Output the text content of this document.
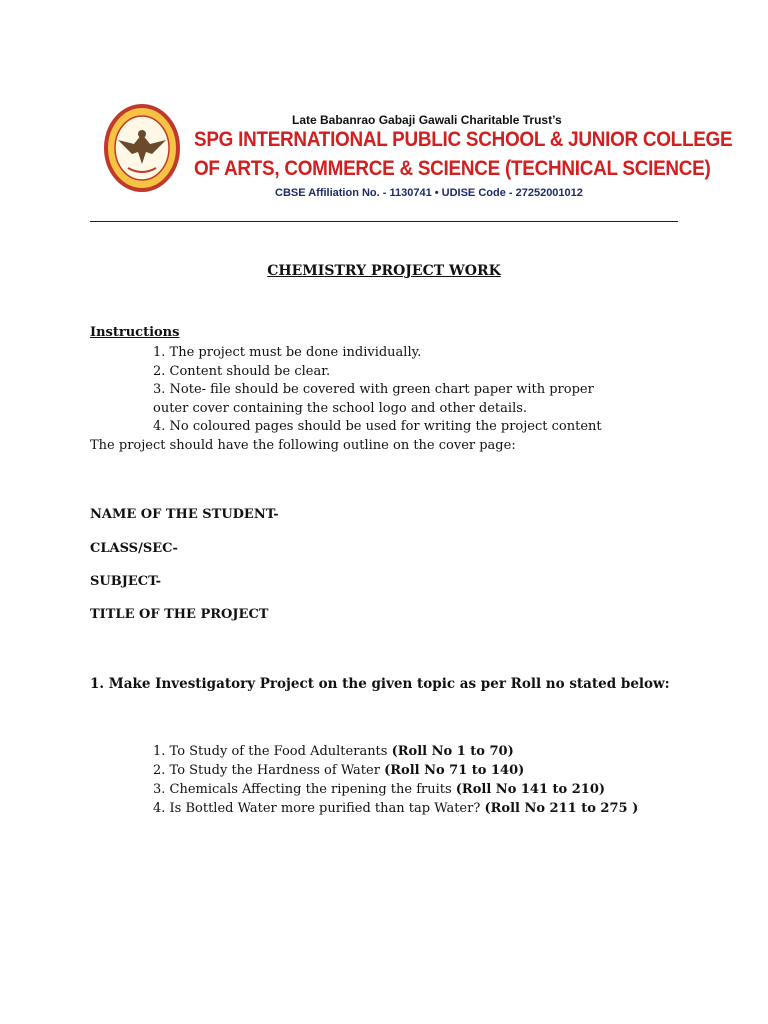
Late Babanrao Gabaji Gawali Charitable Trust’s
SPG INTERNATIONAL PUBLIC SCHOOL & JUNIOR COLLEGE
OF ARTS, COMMERCE & SCIENCE (TECHNICAL SCIENCE)
CBSE Affiliation No. - 1130741 • UDISE Code - 27252001012
CHEMISTRY PROJECT WORK
Instructions
1. The project must be done individually.
2. Content should be clear.
3. Note- file should be covered with green chart paper with proper outer cover containing the school logo and other details.
4. No coloured pages should be used for writing the project content
The project should have the following outline on the cover page:
NAME OF THE STUDENT-
CLASS/SEC-
SUBJECT-
TITLE OF THE PROJECT
1. Make Investigatory Project on the given topic as per Roll no stated below:
1. To Study of the Food Adulterants (Roll No 1 to 70)
2. To Study the Hardness of Water (Roll No 71 to 140)
3. Chemicals Affecting the ripening the fruits (Roll No 141 to 210)
4. Is Bottled Water more purified than tap Water? (Roll No 211 to 275 )
